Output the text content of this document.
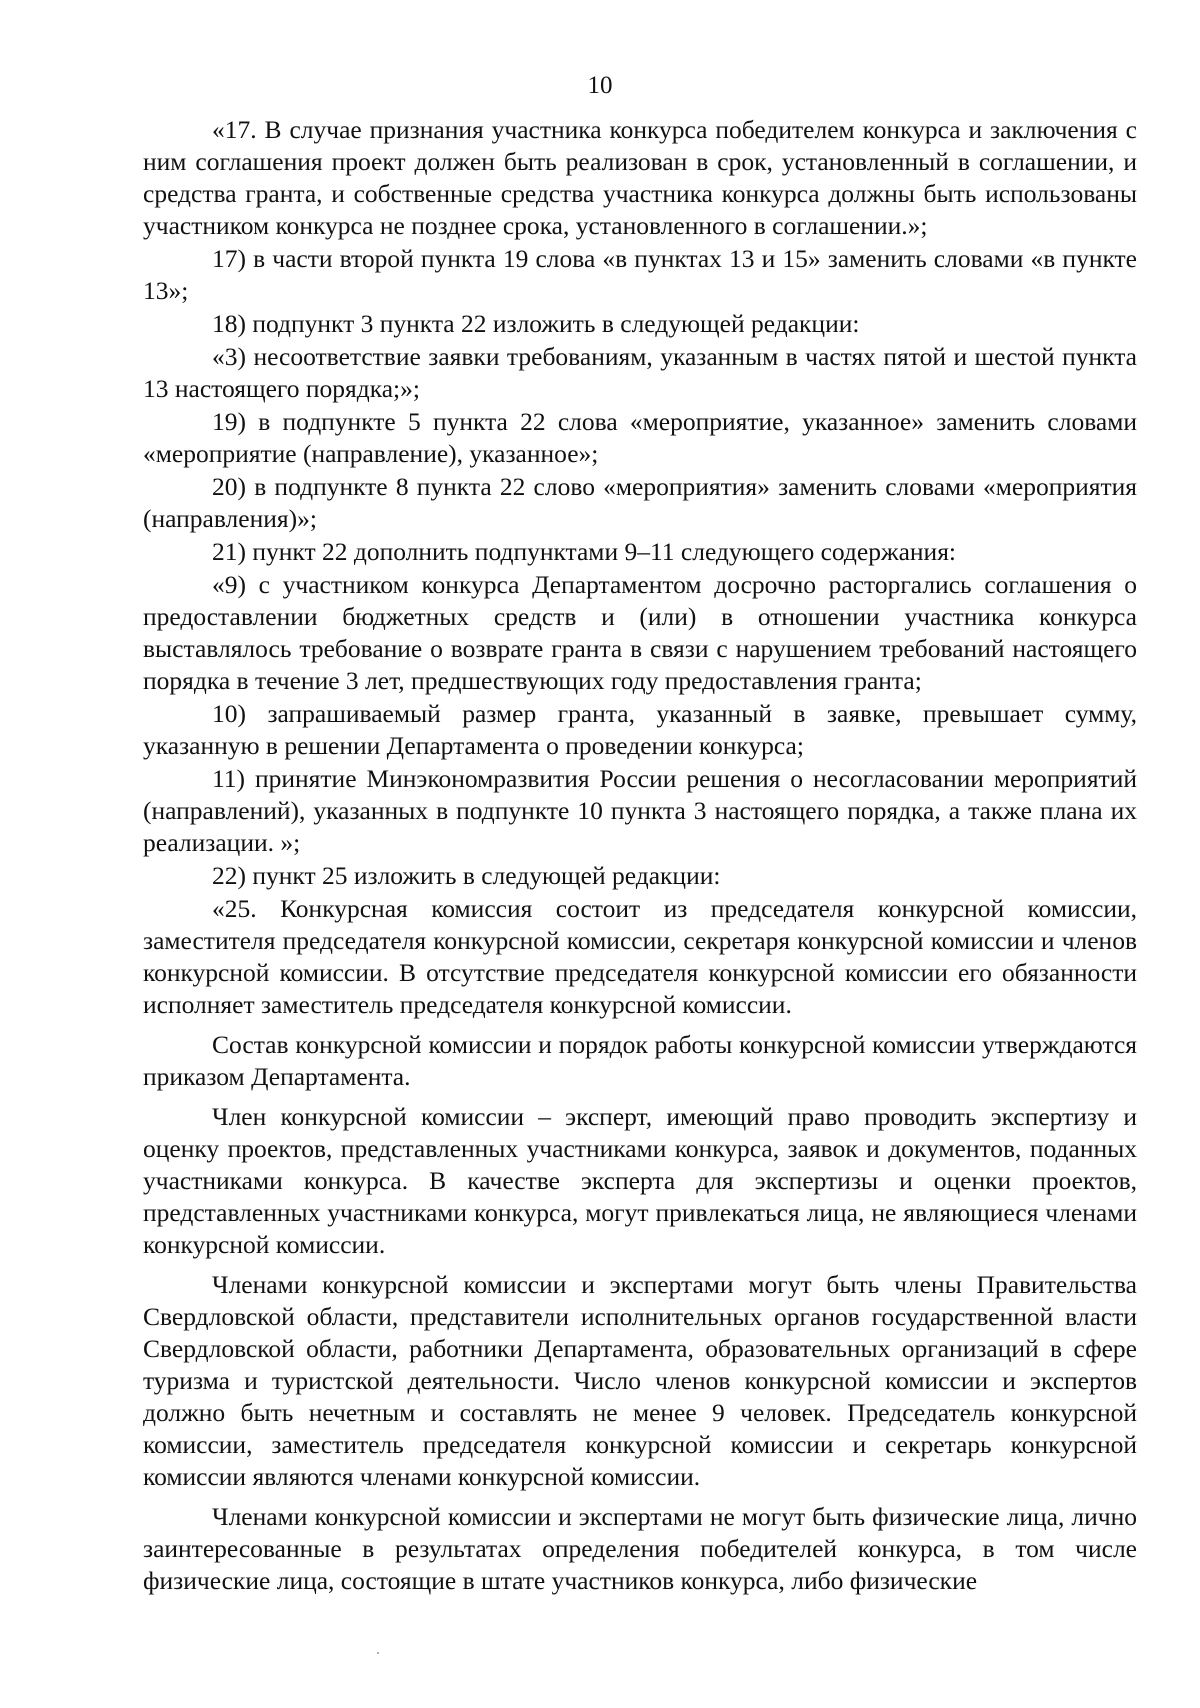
10

«17. В случае признания участника конкурса победителем конкурса и заключения с ним соглашения проект должен быть реализован в срок, установленный в соглашении, и средства гранта, и собственные средства участника конкурса должны быть использованы участником конкурса не позднее срока, установленного в соглашении.»;

17) в части второй пункта 19 слова «в пунктах 13 и 15» заменить словами «в пункте 13»;

18) подпункт 3 пункта 22 изложить в следующей редакции:

«3) несоответствие заявки требованиям, указанным в частях пятой и шестой пункта 13 настоящего порядка;»;

19) в подпункте 5 пункта 22 слова «мероприятие, указанное» заменить словами «мероприятие (направление), указанное»;

20) в подпункте 8 пункта 22 слово «мероприятия» заменить словами «мероприятия (направления)»;

21) пункт 22 дополнить подпунктами 9–11 следующего содержания:

«9) с участником конкурса Департаментом досрочно расторгались соглашения о предоставлении бюджетных средств и (или) в отношении участника конкурса выставлялось требование о возврате гранта в связи с нарушением требований настоящего порядка в течение 3 лет, предшествующих году предоставления гранта;

10) запрашиваемый размер гранта, указанный в заявке, превышает сумму, указанную в решении Департамента о проведении конкурса;

11) принятие Минэкономразвития России решения о несогласовании мероприятий (направлений), указанных в подпункте 10 пункта 3 настоящего порядка, а также плана их реализации. »;

22) пункт 25 изложить в следующей редакции:

«25. Конкурсная комиссия состоит из председателя конкурсной комиссии, заместителя председателя конкурсной комиссии, секретаря конкурсной комиссии и членов конкурсной комиссии. В отсутствие председателя конкурсной комиссии его обязанности исполняет заместитель председателя конкурсной комиссии.

Состав конкурсной комиссии и порядок работы конкурсной комиссии утверждаются приказом Департамента.

Член конкурсной комиссии – эксперт, имеющий право проводить экспертизу и оценку проектов, представленных участниками конкурса, заявок и документов, поданных участниками конкурса. В качестве эксперта для экспертизы и оценки проектов, представленных участниками конкурса, могут привлекаться лица, не являющиеся членами конкурсной комиссии.

Членами конкурсной комиссии и экспертами могут быть члены Правительства Свердловской области, представители исполнительных органов государственной власти Свердловской области, работники Департамента, образовательных организаций в сфере туризма и туристской деятельности. Число членов конкурсной комиссии и экспертов должно быть нечетным и составлять не менее 9 человек. Председатель конкурсной комиссии, заместитель председателя конкурсной комиссии и секретарь конкурсной комиссии являются членами конкурсной комиссии.

Членами конкурсной комиссии и экспертами не могут быть физические лица, лично заинтересованные в результатах определения победителей конкурса, в том числе физические лица, состоящие в штате участников конкурса, либо физические
